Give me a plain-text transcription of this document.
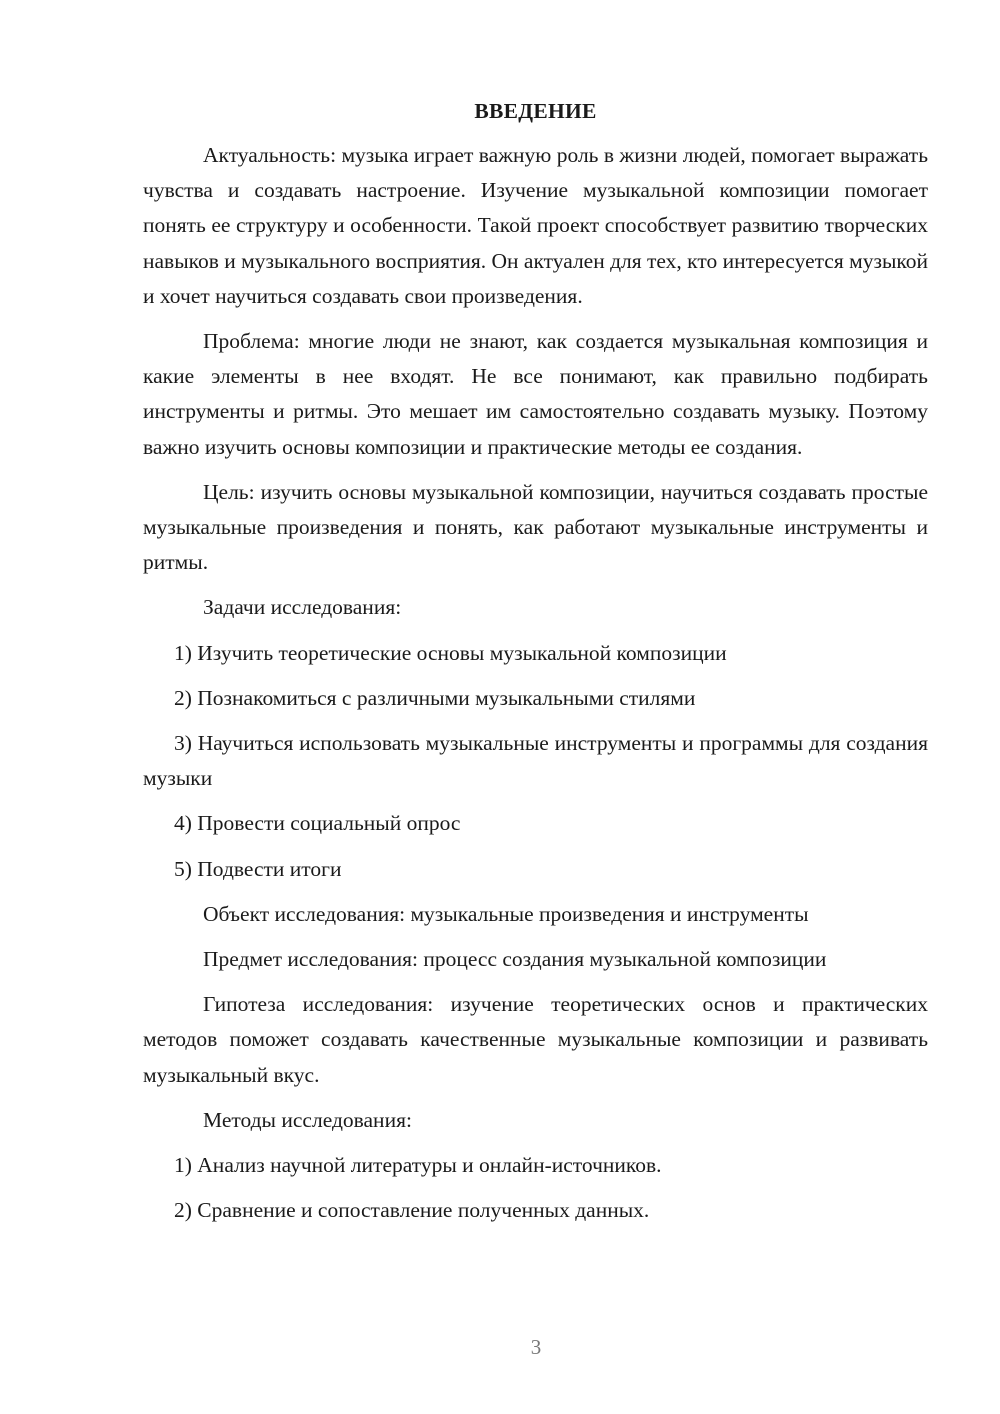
ВВЕДЕНИЕ

Актуальность: музыка играет важную роль в жизни людей, помогает выражать чувства и создавать настроение. Изучение музыкальной композиции помогает понять ее структуру и особенности. Такой проект способствует развитию творческих навыков и музыкального восприятия. Он актуален для тех, кто интересуется музыкой и хочет научиться создавать свои произведения.

Проблема: многие люди не знают, как создается музыкальная композиция и какие элементы в нее входят. Не все понимают, как правильно подбирать инструменты и ритмы. Это мешает им самостоятельно создавать музыку. Поэтому важно изучить основы композиции и практические методы ее создания.

Цель: изучить основы музыкальной композиции, научиться создавать простые музыкальные произведения и понять, как работают музыкальные инструменты и ритмы.

Задачи исследования:

1) Изучить теоретические основы музыкальной композиции

2) Познакомиться с различными музыкальными стилями

3) Научиться использовать музыкальные инструменты и программы для создания музыки

4) Провести социальный опрос

5) Подвести итоги

Объект исследования: музыкальные произведения и инструменты

Предмет исследования: процесс создания музыкальной композиции

Гипотеза исследования: изучение теоретических основ и практических методов поможет создавать качественные музыкальные композиции и развивать музыкальный вкус.

Методы исследования:

1) Анализ научной литературы и онлайн-источников.

2) Сравнение и сопоставление полученных данных.

3
